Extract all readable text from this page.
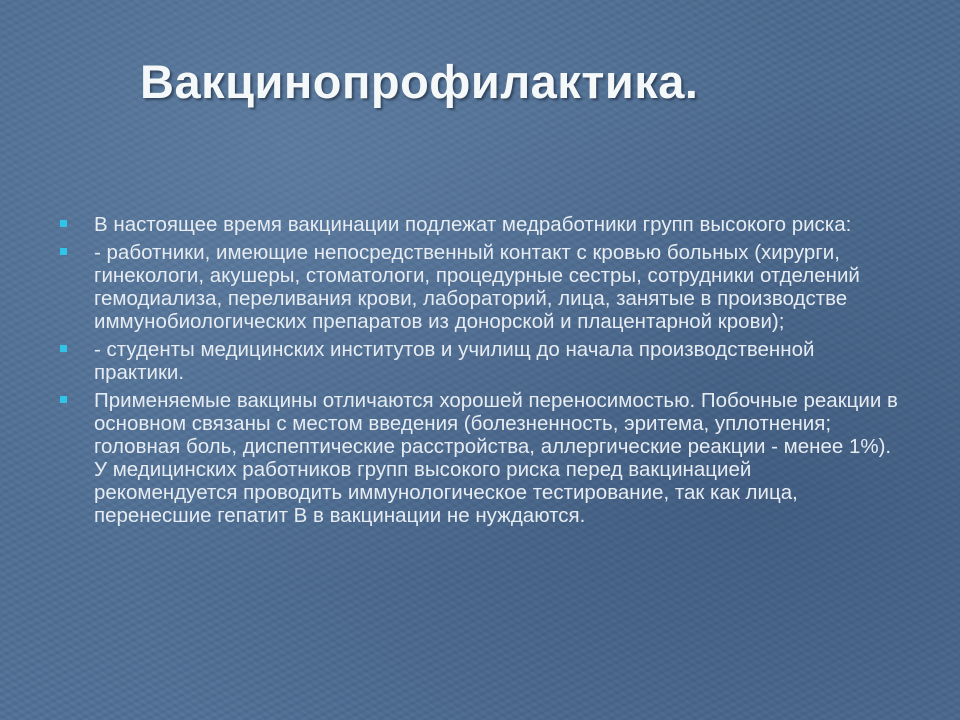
Вакцинопрофилактика.
В настоящее время вакцинации подлежат медработники групп высокого риска:
- работники, имеющие непосредственный контакт с кровью больных (хирурги, гинекологи, акушеры, стоматологи, процедурные сестры, сотрудники отделений гемодиализа, переливания крови, лабораторий, лица, занятые в производстве иммунобиологических препаратов из донорской и плацентарной крови);
- студенты медицинских институтов и училищ до начала производственной практики.
Применяемые вакцины отличаются хорошей переносимостью. Побочные реакции в основном связаны с местом введения (болезненность, эритема, уплотнения; головная боль, диспептические расстройства, аллергические реакции - менее 1%). У медицинских работников групп высокого риска перед вакцинацией рекомендуется проводить иммунологическое тестирование, так как лица, перенесшие гепатит В в вакцинации не нуждаются.
